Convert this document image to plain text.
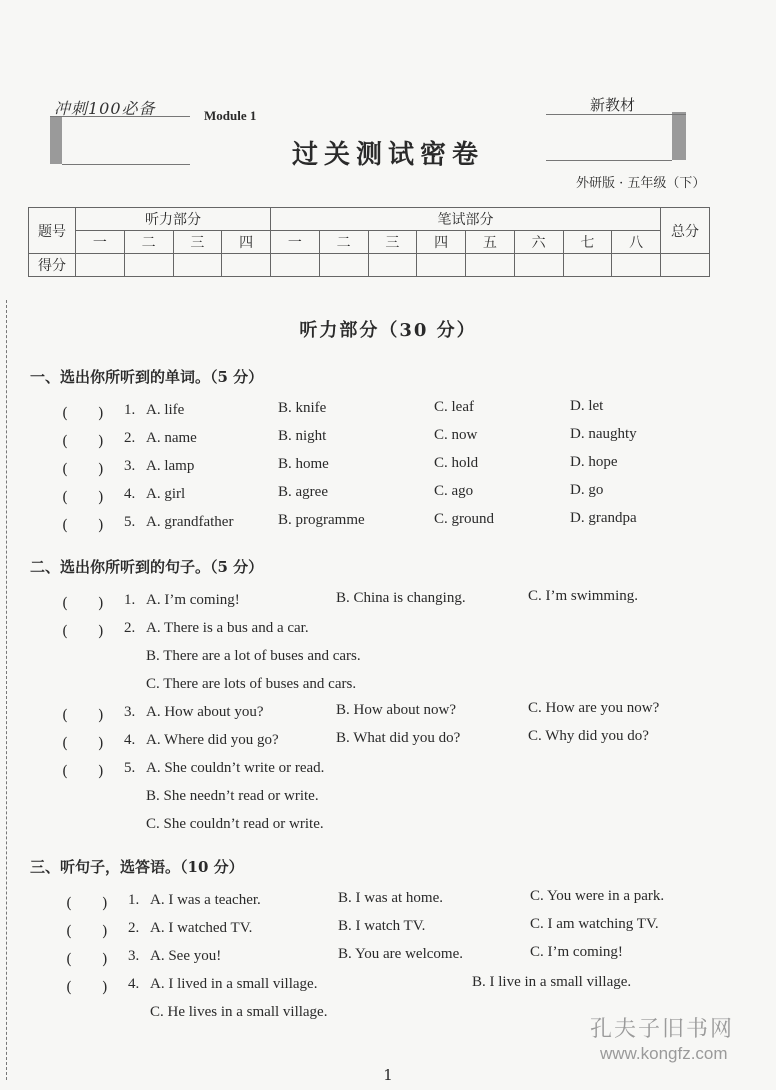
冲刺100必备	Module 1
过关测试密卷
新教材
外研版 · 五年级（下）
题号	听力部分				笔试部分								总分
	一	二	三	四	一	二	三	四	五	六	七	八	
得分													
听力部分（30 分）
一、选出你所听到的单词。（5 分）
(　　) 1. A. life	B. knife	C. leaf	D. let
(　　) 2. A. name	B. night	C. now	D. naughty
(　　) 3. A. lamp	B. home	C. hold	D. hope
(　　) 4. A. girl	B. agree	C. ago	D. go
(　　) 5. A. grandfather	B. programme	C. ground	D. grandpa
二、选出你所听到的句子。（5 分）
(　　) 1. A. I’m coming!	B. China is changing.	C. I’m swimming.
(　　) 2. A. There is a bus and a car.
B. There are a lot of buses and cars.
C. There are lots of buses and cars.
(　　) 3. A. How about you?	B. How about now?	C. How are you now?
(　　) 4. A. Where did you go?	B. What did you do?	C. Why did you do?
(　　) 5. A. She couldn’t write or read.
B. She needn’t read or write.
C. She couldn’t read or write.
三、听句子，选答语。（10 分）
(　　) 1. A. I was a teacher.	B. I was at home.	C. You were in a park.
(　　) 2. A. I watched TV.	B. I watch TV.	C. I am watching TV.
(　　) 3. A. See you!	B. You are welcome.	C. I’m coming!
(　　) 4. A. I lived in a small village.	B. I live in a small village.
C. He lives in a small village.
1
孔夫子旧书网
www.kongfz.com
